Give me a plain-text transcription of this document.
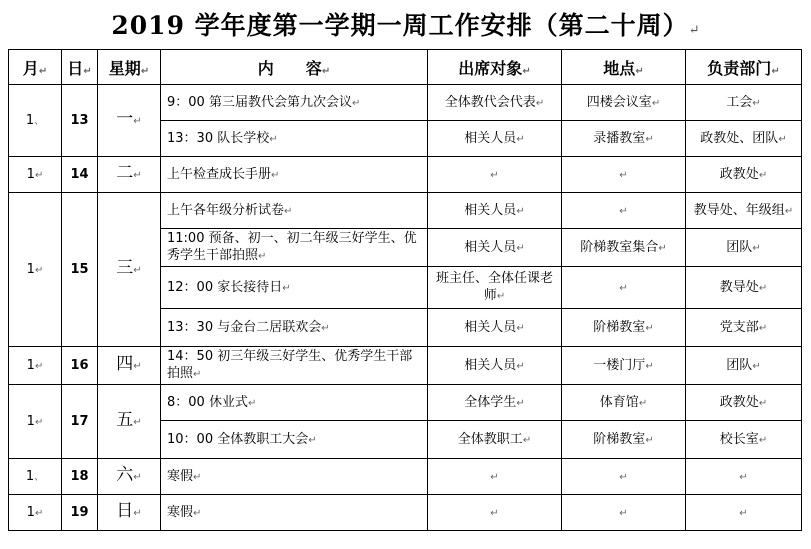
2019 学年度第一学期一周工作安排（第二十周）↵
月↵	日↵	星期↵	内　　容↵	出席对象↵	地点↵	负责部门↵
1、	13	一↵	9：00 第三届教代会第九次会议↵	全体教代会代表↵	四楼会议室↵	工会↵
			13：30 队长学校↵	相关人员↵	录播教室↵	政教处、团队↵
1↵	14	二↵	上午检查成长手册↵	↵	↵	政教处↵
1↵	15	三↵	上午各年级分析试卷↵	相关人员↵	↵	教导处、年级组↵
			11:00 预备、初一、初二年级三好学生、优秀学生干部拍照↵	相关人员↵	阶梯教室集合↵	团队↵
			12：00 家长接待日↵	班主任、全体任课老师↵	↵	教导处↵
			13：30 与金台二居联欢会↵	相关人员↵	阶梯教室↵	党支部↵
1↵	16	四↵	14：50 初三年级三好学生、优秀学生干部拍照↵	相关人员↵	一楼门厅↵	团队↵
1↵	17	五↵	8：00 休业式↵	全体学生↵	体育馆↵	政教处↵
			10：00 全体教职工大会↵	全体教职工↵	阶梯教室↵	校长室↵
1、	18	六↵	寒假↵	↵	↵	↵
1↵	19	日↵	寒假↵	↵	↵	↵
